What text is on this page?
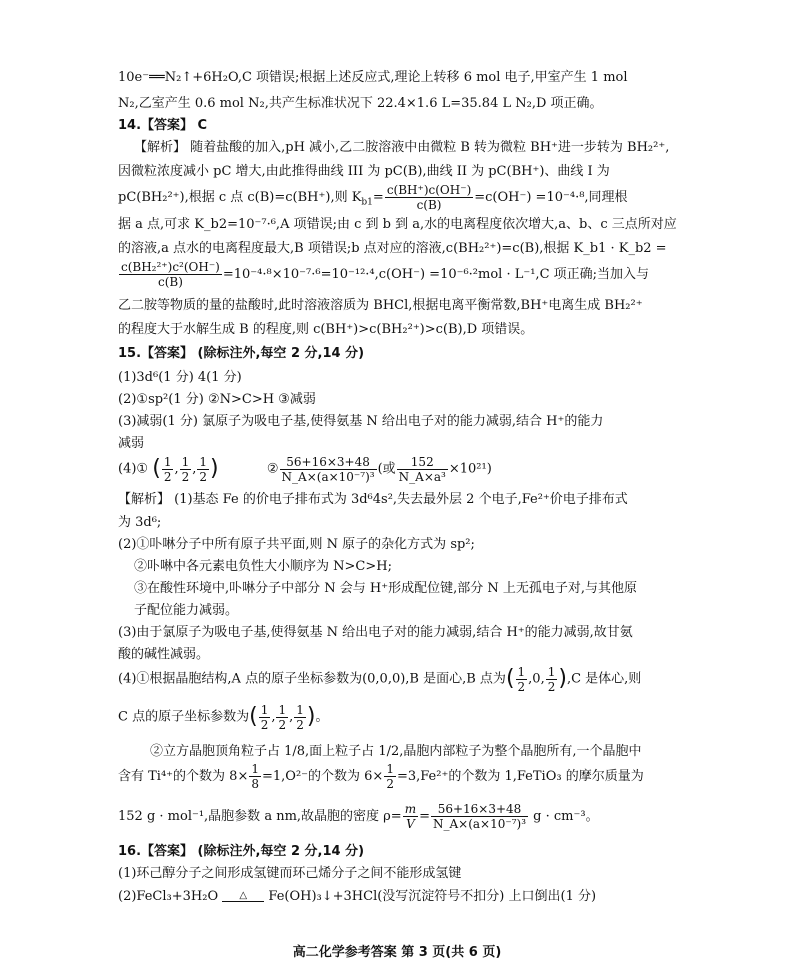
10e⁻══N₂↑+6H₂O,C 项错误;根据上述反应式,理论上转移 6 mol 电子,甲室产生 1 mol
N₂,乙室产生 0.6 mol N₂,共产生标准状况下 22.4×1.6 L=35.84 L N₂,D 项正确。
14.【答案】 C
【解析】 随着盐酸的加入,pH 减小,乙二胺溶液中由微粒 B 转为微粒 BH⁺进一步转为 BH₂²⁺,
因微粒浓度减小 pC 增大,由此推得曲线 III 为 pC(B),曲线 II 为 pC(BH⁺)、曲线 I 为
pC(BH₂²⁺),根据 c 点 c(B)=c(BH⁺),则 $K_{b1}= \frac{c(BH^+)c(OH^-)}{c(B)} =c(OH^-) =10^{-4}\cdot^8$,同理根
据 a 点,可求 K_b2=10⁻⁷·⁶,A 项错误;由 c 到 b 到 a,水的电离程度依次增大,a、b、c 三点所对应
的溶液,a 点水的电离程度最大,B 项错误;b 点对应的溶液,c(BH₂²⁺)=c(B),根据 K_b1 · K_b2 =
$\frac{\text{c(BH₂²⁺)c²(OH⁻)}}{c(B)} =10^{-4}\cdot^8\times 10^{-7}\cdot^6=10^{-12}\cdot^4,c(OH^-) =10^{-6}\cdot^2mol \cdot L^{-1},C$ 项正确;当加入与
乙二胺等物质的量的盐酸时,此时溶液溶质为 BHCl,根据电离平衡常数,BH⁺电离生成 BH₂²⁺
的程度大于水解生成 B 的程度,则 c(BH⁺)>c(BH₂²⁺)>c(B),D 项错误。
15.【答案】 (除标注外,每空 2 分,14 分)
(1)3d⁶(1 分) 4(1 分)
(2)①sp²(1 分) ②N>C>H ③减弱
(3)减弱(1 分) 氯原子为吸电子基,使得氨基 N 给出电子对的能力减弱,结合 H⁺的能力
减弱
(4)① ( $\frac{1}{2}$ , $\frac{1}{2}$ , $\frac{1}{2}$ )	② $\frac{56+16\times 3+48}{\text{N\_A×(a×10⁻⁷)³}}$ (或 $\frac{152}{\text{N\_A×a³}} \times 10^{21}$)
【解析】 (1)基态 Fe 的价电子排布式为 3d⁶4s²,失去最外层 2 个电子,Fe²⁺价电子排布式
为 3d⁶;
(2)①卟啉分子中所有原子共平面,则 N 原子的杂化方式为 sp²;
②卟啉中各元素电负性大小顺序为 N>C>H;
③在酸性环境中,卟啉分子中部分 N 会与 H⁺形成配位键,部分 N 上无孤电子对,与其他原
子配位能力减弱。
(3)由于氯原子为吸电子基,使得氨基 N 给出电子对的能力减弱,结合 H⁺的能力减弱,故甘氨
酸的碱性减弱。
(4)①根据晶胞结构,A 点的原子坐标参数为(0,0,0),B 是面心,B 点为( $\frac{1}{2} ,0$, $\frac{1}{2} ),C$ 是体心,则
C 点的原子坐标参数为( $\frac{1}{2}$ , $\frac{1}{2}$ , $\frac{1}{2}$ )。
②立方晶胞顶角粒子占 1/8,面上粒子占 1/2,晶胞内部粒子为整个晶胞所有,一个晶胞中
含有 Ti⁴⁺的个数为 $8\times \frac{1}{8} =1,O^{2-}$的个数为 $6\times \frac{1}{2} =3,Fe^{2+}$的个数为 1,FeTiO₃ 的摩尔质量为
152 g · mol⁻¹,晶胞参数 a nm,故晶胞的密度 $\rho= \frac{m}{V} = \frac{56+16\times 3+48}{\text{N\_A×(a×10⁻⁷)³}}$ g · cm⁻³。
16.【答案】 (除标注外,每空 2 分,14 分)
(1)环己醇分子之间形成氢键而环己烯分子之间不能形成氢键
(2)FeCl₃+3H₂O	△	Fe(OH)₃↓+3HCl(没写沉淀符号不扣分) 上口倒出(1 分)
高二化学参考答案 第 3 页(共 6 页)
